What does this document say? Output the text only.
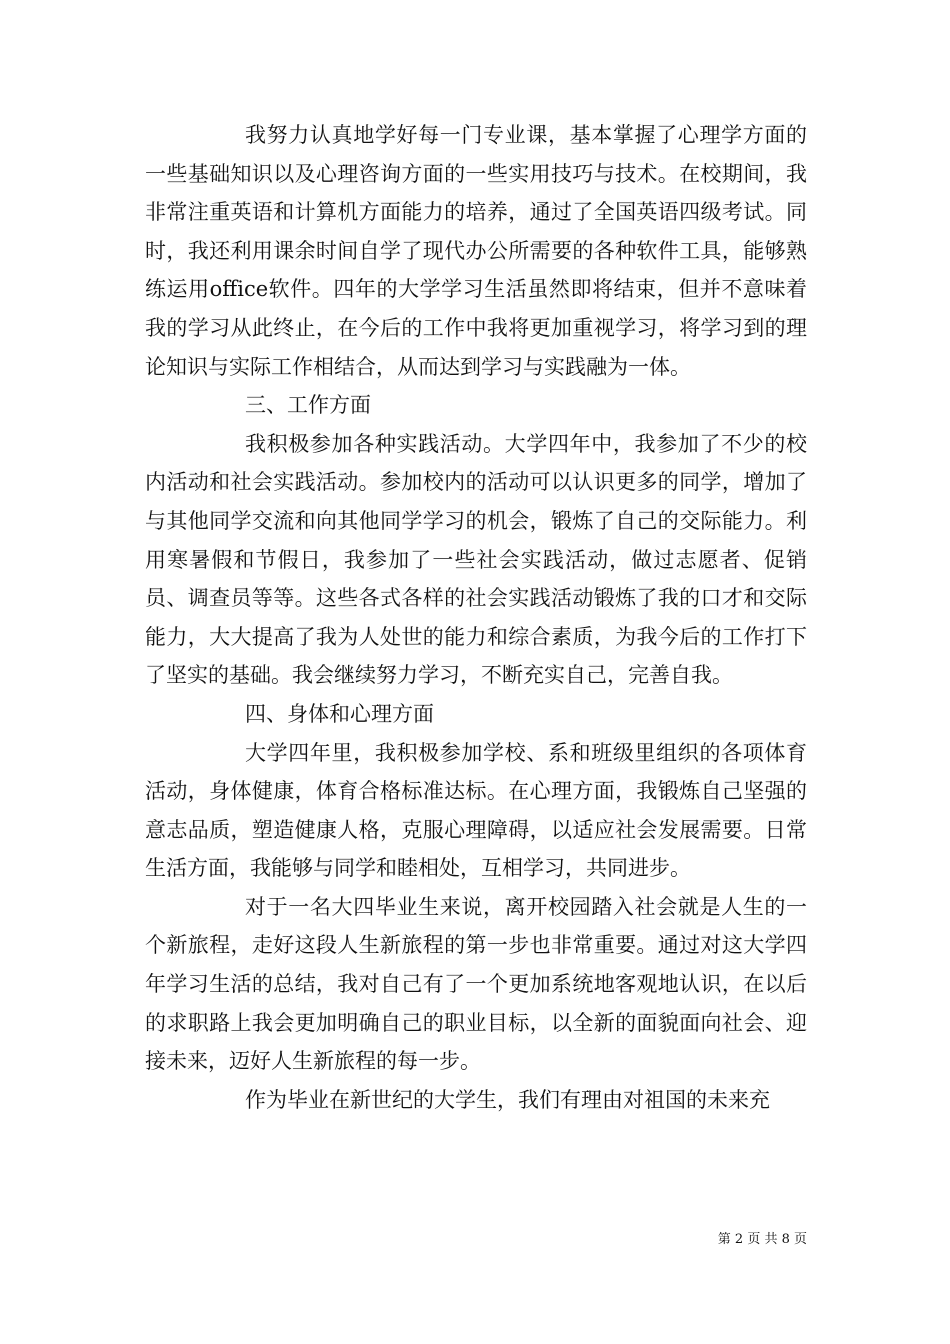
我努力认真地学好每一门专业课，基本掌握了心理学方面的一些基础知识以及心理咨询方面的一些实用技巧与技术。在校期间，我非常注重英语和计算机方面能力的培养，通过了全国英语四级考试。同时，我还利用课余时间自学了现代办公所需要的各种软件工具，能够熟练运用office软件。四年的大学学习生活虽然即将结束，但并不意味着我的学习从此终止，在今后的工作中我将更加重视学习，将学习到的理论知识与实际工作相结合，从而达到学习与实践融为一体。

三、工作方面

我积极参加各种实践活动。大学四年中，我参加了不少的校内活动和社会实践活动。参加校内的活动可以认识更多的同学，增加了与其他同学交流和向其他同学学习的机会，锻炼了自己的交际能力。利用寒暑假和节假日，我参加了一些社会实践活动，做过志愿者、促销员、调查员等等。这些各式各样的社会实践活动锻炼了我的口才和交际能力，大大提高了我为人处世的能力和综合素质，为我今后的工作打下了坚实的基础。我会继续努力学习，不断充实自己，完善自我。

四、身体和心理方面

大学四年里，我积极参加学校、系和班级里组织的各项体育活动，身体健康，体育合格标准达标。在心理方面，我锻炼自己坚强的意志品质，塑造健康人格，克服心理障碍，以适应社会发展需要。日常生活方面，我能够与同学和睦相处，互相学习，共同进步。

对于一名大四毕业生来说，离开校园踏入社会就是人生的一个新旅程，走好这段人生新旅程的第一步也非常重要。通过对这大学四年学习生活的总结，我对自己有了一个更加系统地客观地认识，在以后的求职路上我会更加明确自己的职业目标，以全新的面貌面向社会、迎接未来，迈好人生新旅程的每一步。

作为毕业在新世纪的大学生，我们有理由对祖国的未来充

第 2 页 共 8 页
